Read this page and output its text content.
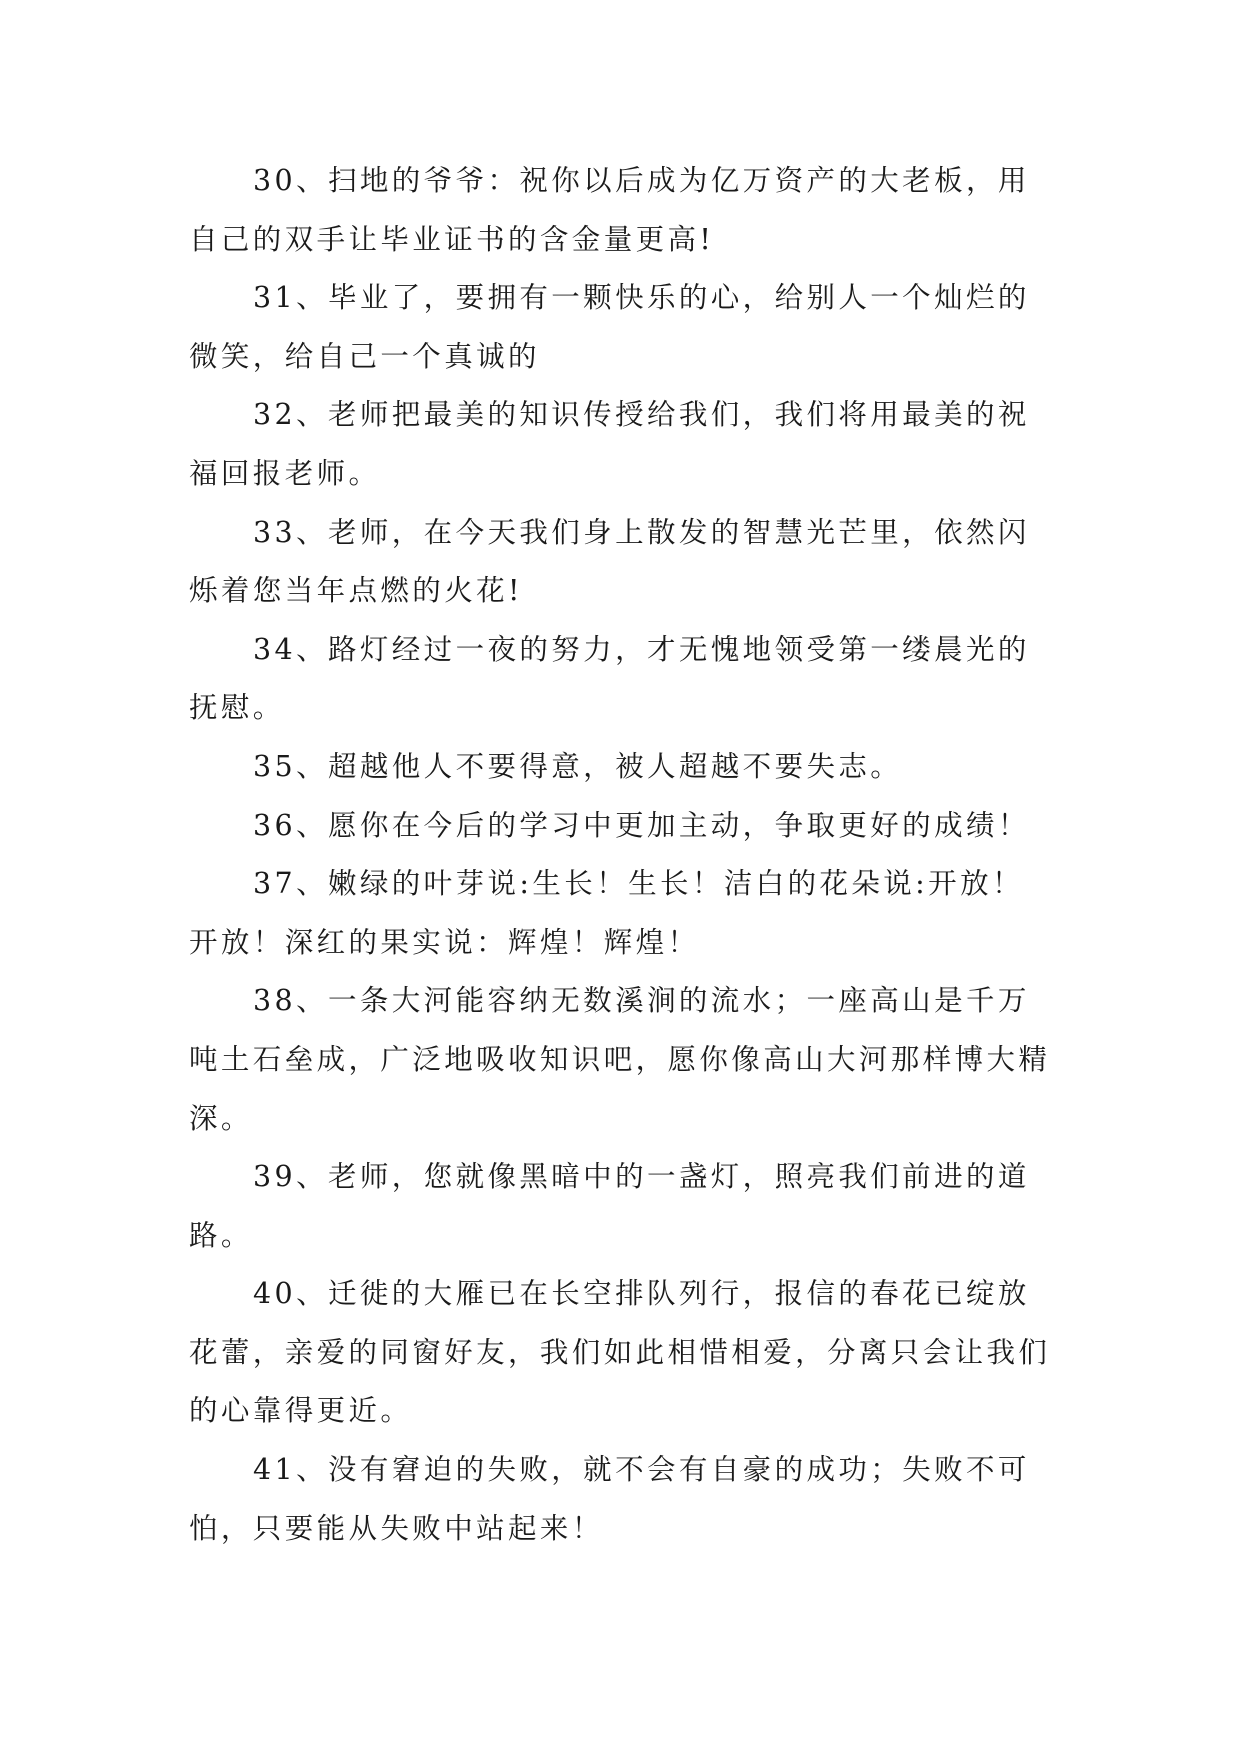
30、扫地的爷爷：祝你以后成为亿万资产的大老板，用自己的双手让毕业证书的含金量更高!

31、毕业了，要拥有一颗快乐的心，给别人一个灿烂的微笑，给自己一个真诚的

32、老师把最美的知识传授给我们，我们将用最美的祝福回报老师。

33、老师，在今天我们身上散发的智慧光芒里，依然闪烁着您当年点燃的火花!

34、路灯经过一夜的努力，才无愧地领受第一缕晨光的抚慰。

35、超越他人不要得意，被人超越不要失志。

36、愿你在今后的学习中更加主动，争取更好的成绩！

37、嫩绿的叶芽说:生长！生长！洁白的花朵说:开放！开放！深红的果实说：辉煌！辉煌！

38、一条大河能容纳无数溪涧的流水；一座高山是千万吨土石垒成，广泛地吸收知识吧，愿你像高山大河那样博大精深。

39、老师，您就像黑暗中的一盏灯，照亮我们前进的道路。

40、迁徙的大雁已在长空排队列行，报信的春花已绽放花蕾，亲爱的同窗好友，我们如此相惜相爱，分离只会让我们的心靠得更近。

41、没有窘迫的失败，就不会有自豪的成功；失败不可怕，只要能从失败中站起来！
